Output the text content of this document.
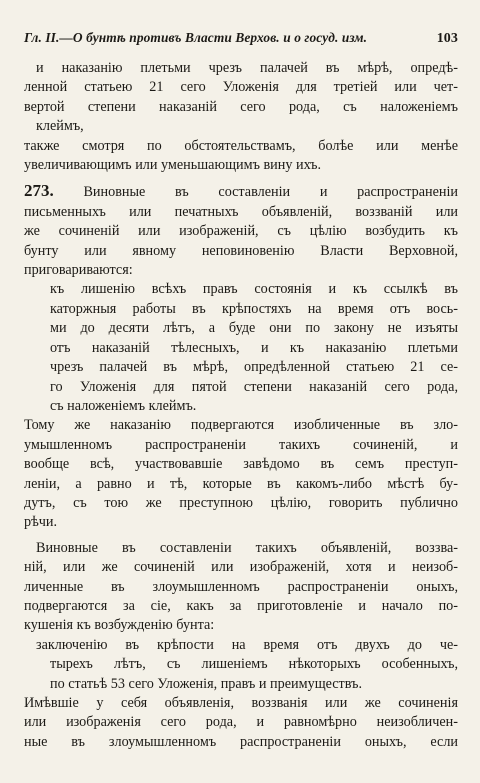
Гл. II.—О бунтѣ противъ Власти Верхов. и о госуд. изм.	103
и наказанію плетьми чрезъ палачей въ мѣрѣ, опредѣ-
ленной статьею 21 сего Уложенія для третіей или чет-
вертой степени наказаній сего рода, съ наложеніемъ
клеймъ,
также смотря по обстоятельствамъ, болѣе или менѣе
увеличивающимъ или уменьшающимъ вину ихъ.
273. Виновные въ составленіи и распространеніи
письменныхъ или печатныхъ объявленій, воззваній или
же сочиненій или изображеній, съ цѣлію возбудить къ
бунту или явному неповиновенію Власти Верховной,
приговариваются:
къ лишенію всѣхъ правъ состоянія и къ ссылкѣ въ
каторжныя работы въ крѣпостяхъ на время отъ вось-
ми до десяти лѣтъ, а буде они по закону не изъяты
отъ наказаній тѣлесныхъ, и къ наказанію плетьми
чрезъ палачей въ мѣрѣ, опредѣленной статьею 21 се-
го Уложенія для пятой степени наказаній сего рода,
съ наложеніемъ клеймъ.
Тому же наказанію подвергаются изобличенные въ зло-
умышленномъ распространеніи такихъ сочиненій, и
вообще всѣ, участвовавшіе завѣдомо въ семъ преступ-
леніи, а равно и тѣ, которые въ какомъ-либо мѣстѣ бу-
дутъ, съ тою же преступною цѣлію, говорить публично
рѣчи.
Виновные въ составленіи такихъ объявленій, воззва-
ній, или же сочиненій или изображеній, хотя и неизоб-
личенные въ злоумышленномъ распространеніи оныхъ,
подвергаются за сіе, какъ за приготовленіе и начало по-
кушенія къ возбужденію бунта:
заключенію въ крѣпости на время отъ двухъ до че-
тырехъ лѣтъ, съ лишеніемъ нѣкоторыхъ особенныхъ,
по статьѣ 53 сего Уложенія, правъ и преимуществъ.
Имѣвшіе у себя объявленія, воззванія или же сочиненія
или изображенія сего рода, и равномѣрно неизобличен-
ные въ злоумышленномъ распространеніи оныхъ, если
